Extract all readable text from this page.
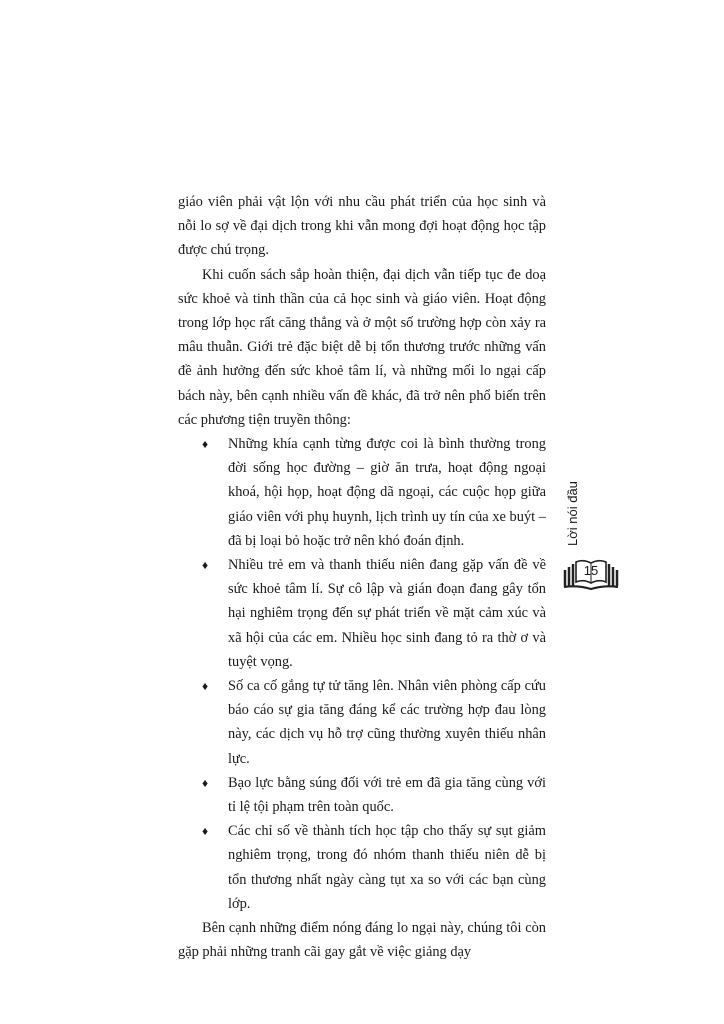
giáo viên phải vật lộn với nhu cầu phát triển của học sinh và nỗi lo sợ về đại dịch trong khi vẫn mong đợi hoạt động học tập được chú trọng.

Khi cuốn sách sắp hoàn thiện, đại dịch vẫn tiếp tục đe doạ sức khoẻ và tinh thần của cả học sinh và giáo viên. Hoạt động trong lớp học rất căng thẳng và ở một số trường hợp còn xảy ra mâu thuẫn. Giới trẻ đặc biệt dễ bị tổn thương trước những vấn đề ảnh hưởng đến sức khoẻ tâm lí, và những mối lo ngại cấp bách này, bên cạnh nhiều vấn đề khác, đã trở nên phổ biến trên các phương tiện truyền thông:

♦ Những khía cạnh từng được coi là bình thường trong đời sống học đường – giờ ăn trưa, hoạt động ngoại khoá, hội họp, hoạt động dã ngoại, các cuộc họp giữa giáo viên với phụ huynh, lịch trình uy tín của xe buýt – đã bị loại bỏ hoặc trở nên khó đoán định.
♦ Nhiều trẻ em và thanh thiếu niên đang gặp vấn đề về sức khoẻ tâm lí. Sự cô lập và gián đoạn đang gây tổn hại nghiêm trọng đến sự phát triển về mặt cảm xúc và xã hội của các em. Nhiều học sinh đang tỏ ra thờ ơ và tuyệt vọng.
♦ Số ca cố gắng tự tử tăng lên. Nhân viên phòng cấp cứu báo cáo sự gia tăng đáng kể các trường hợp đau lòng này, các dịch vụ hỗ trợ cũng thường xuyên thiếu nhân lực.
♦ Bạo lực bằng súng đối với trẻ em đã gia tăng cùng với tỉ lệ tội phạm trên toàn quốc.
♦ Các chỉ số về thành tích học tập cho thấy sự sụt giảm nghiêm trọng, trong đó nhóm thanh thiếu niên dễ bị tổn thương nhất ngày càng tụt xa so với các bạn cùng lớp.

Bên cạnh những điểm nóng đáng lo ngại này, chúng tôi còn gặp phải những tranh cãi gay gắt về việc giảng dạy

Lời nói đầu
15
